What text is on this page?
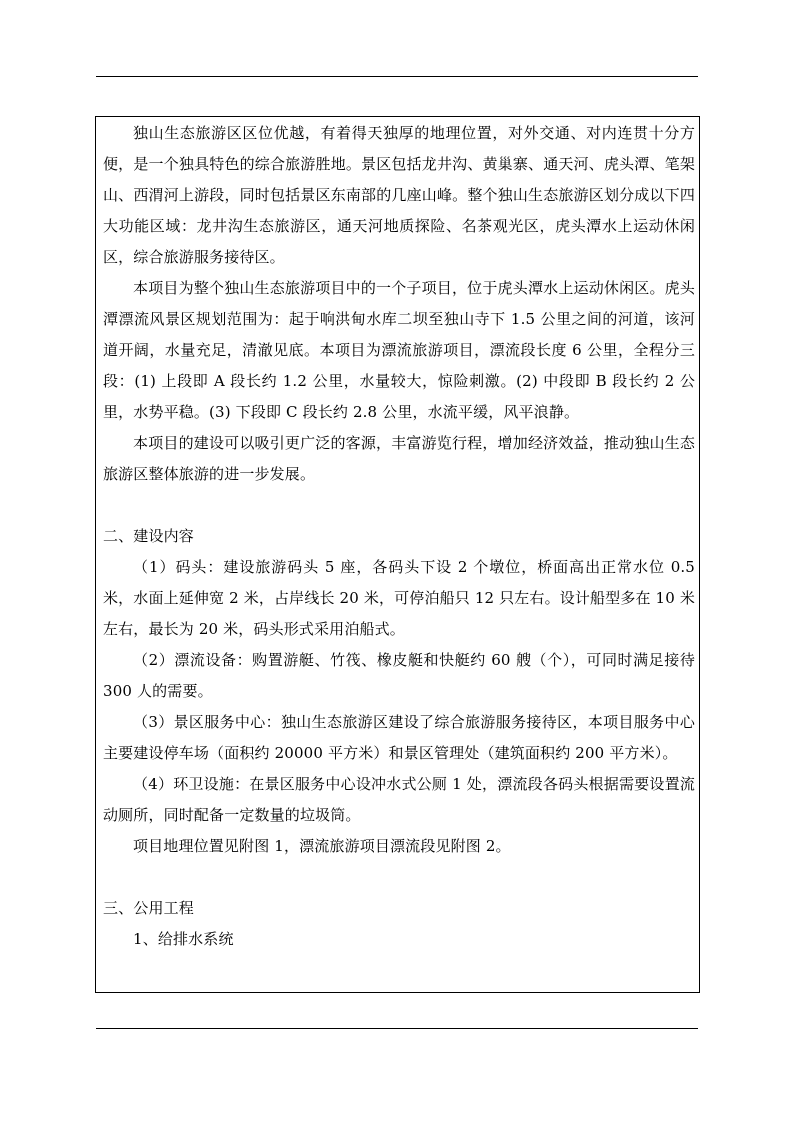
独山生态旅游区区位优越，有着得天独厚的地理位置，对外交通、对内连贯十分方便，是一个独具特色的综合旅游胜地。景区包括龙井沟、黄巢寨、通天河、虎头潭、笔架山、西渭河上游段，同时包括景区东南部的几座山峰。整个独山生态旅游区划分成以下四大功能区域：龙井沟生态旅游区，通天河地质探险、名茶观光区，虎头潭水上运动休闲区，综合旅游服务接待区。

本项目为整个独山生态旅游项目中的一个子项目，位于虎头潭水上运动休闲区。虎头潭漂流风景区规划范围为：起于响洪甸水库二坝至独山寺下 1.5 公里之间的河道，该河道开阔，水量充足，清澈见底。本项目为漂流旅游项目，漂流段长度 6 公里，全程分三段：(1) 上段即 A 段长约 1.2 公里，水量较大，惊险刺激。(2) 中段即 B 段长约 2 公里，水势平稳。(3) 下段即 C 段长约 2.8 公里，水流平缓，风平浪静。

本项目的建设可以吸引更广泛的客源，丰富游览行程，增加经济效益，推动独山生态旅游区整体旅游的进一步发展。

二、建设内容

（1）码头：建设旅游码头 5 座，各码头下设 2 个墩位，桥面高出正常水位 0.5 米，水面上延伸宽 2 米，占岸线长 20 米，可停泊船只 12 只左右。设计船型多在 10 米左右，最长为 20 米，码头形式采用泊船式。

（2）漂流设备：购置游艇、竹筏、橡皮艇和快艇约 60 艘（个），可同时满足接待 300 人的需要。

（3）景区服务中心：独山生态旅游区建设了综合旅游服务接待区，本项目服务中心主要建设停车场（面积约 20000 平方米）和景区管理处（建筑面积约 200 平方米）。

（4）环卫设施：在景区服务中心设冲水式公厕 1 处，漂流段各码头根据需要设置流动厕所，同时配备一定数量的垃圾筒。

项目地理位置见附图 1，漂流旅游项目漂流段见附图 2。

三、公用工程

1、给排水系统
